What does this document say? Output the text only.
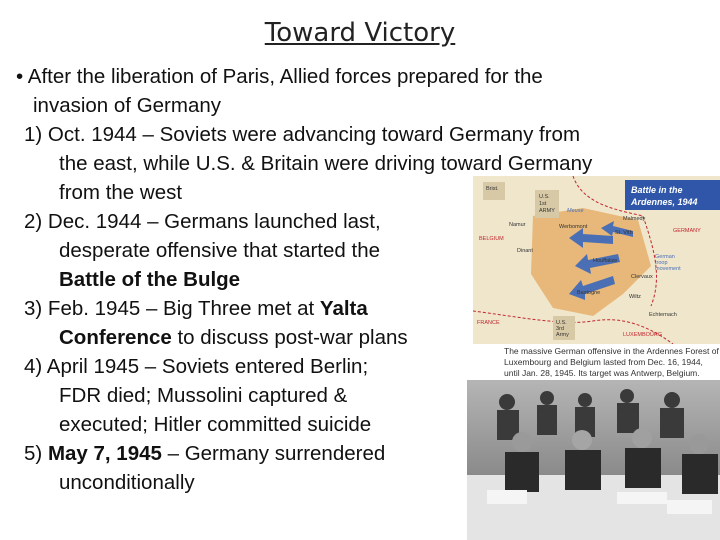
Toward Victory
• After the liberation of Paris, Allied forces prepared for the
invasion of Germany
1) Oct. 1944 – Soviets were advancing toward Germany from
the east, while U.S. & Britain were driving toward Germany
from the west
2) Dec. 1944 – Germans launched last,
desperate offensive that started the
Battle of the Bulge
3) Feb. 1945 – Big Three met at Yalta
Conference to discuss post-war plans
4) April 1945 – Soviets entered Berlin;
FDR died; Mussolini captured &
executed; Hitler committed suicide
5) May 7, 1945 – Germany surrendered
unconditionally
Battle in the
Ardennes, 1944
Brist.
U.S.
1st
ARMY Meuse
Malmedy
Namur	Werbomont
St. Vith
BELGIUM
GERMANY
Dinant
Houffalize
German
troop
movement
Clervaux
Bastogne
Wiltz
Echternach
U.S.
3rd
Army
FRANCE
LUXEMBOURG
The massive German offensive in the Ardennes Forest of Luxembourg and Belgium lasted from Dec. 16, 1944, until Jan. 28, 1945. Its target was Antwerp, Belgium.
